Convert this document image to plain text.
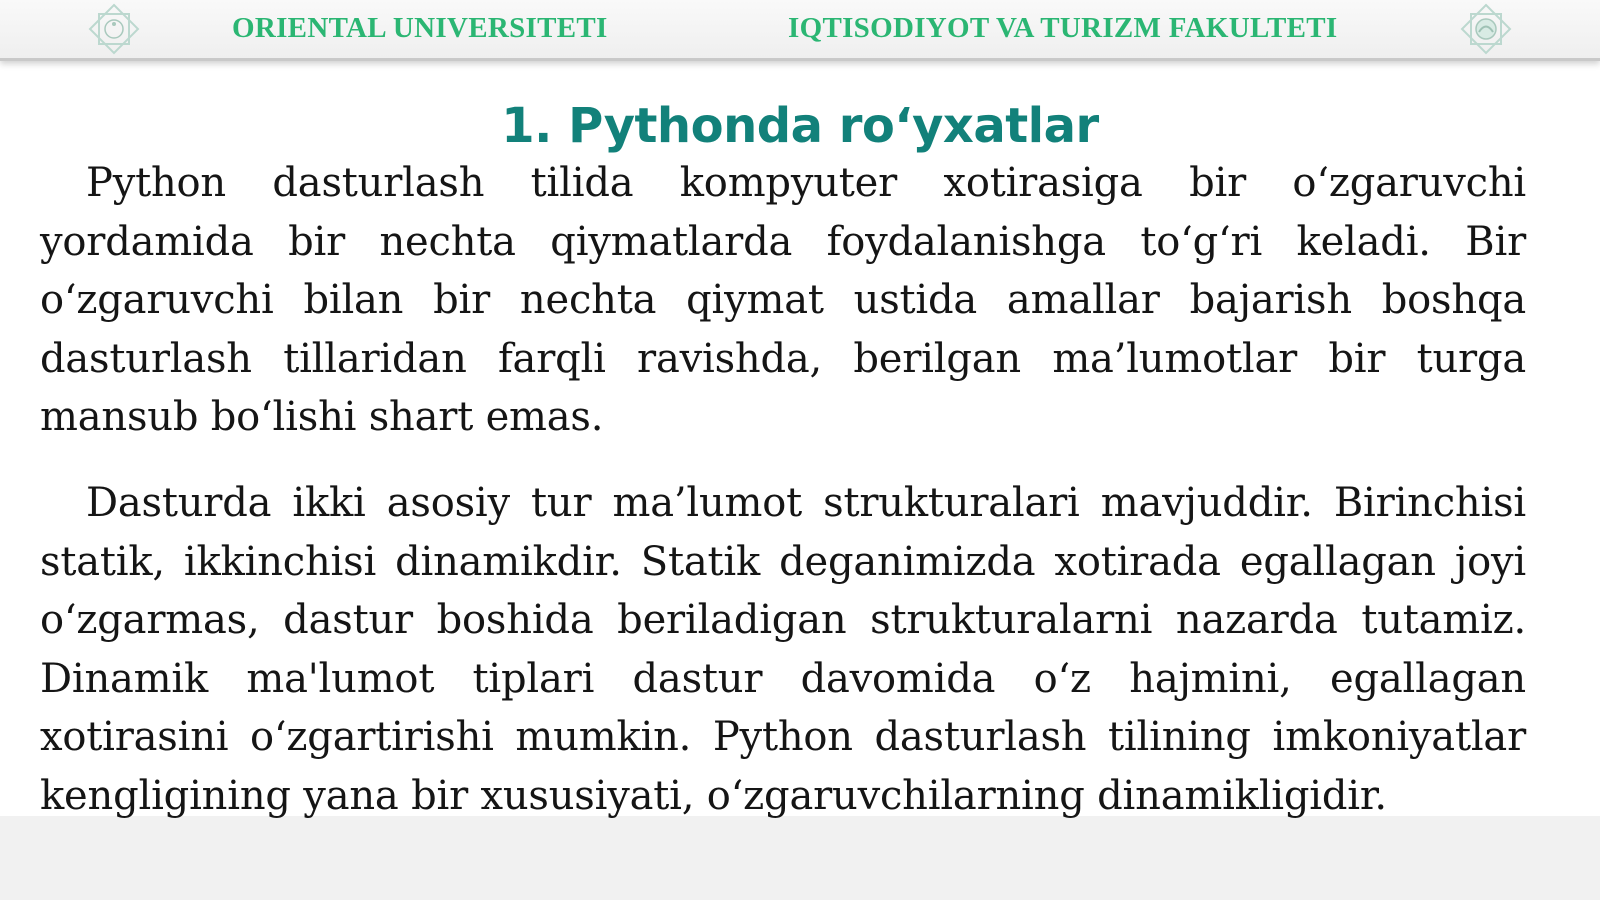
ORIENTAL UNIVERSITETI	IQTISODIYOT VA TURIZM FAKULTETI
1. Pythonda ro‘yxatlar

Python dasturlash tilida kompyuter xotirasiga bir o‘zgaruvchi yordamida bir nechta qiymatlarda foydalanishga to‘g‘ri keladi. Bir o‘zgaruvchi bilan bir nechta qiymat ustida amallar bajarish boshqa dasturlash tillaridan farqli ravishda, berilgan ma’lumotlar bir turga mansub bo‘lishi shart emas.

Dasturda ikki asosiy tur ma’lumot strukturalari mavjuddir. Birinchisi statik, ikkinchisi dinamikdir. Statik deganimizda xotirada egallagan joyi o‘zgarmas, dastur boshida beriladigan strukturalarni nazarda tutamiz. Dinamik ma'lumot tiplari dastur davomida o‘z hajmini, egallagan xotirasini o‘zgartirishi mumkin. Python dasturlash tilining imkoniyatlar kengligining yana bir xususiyati, o‘zgaruvchilarning dinamikligidir.
